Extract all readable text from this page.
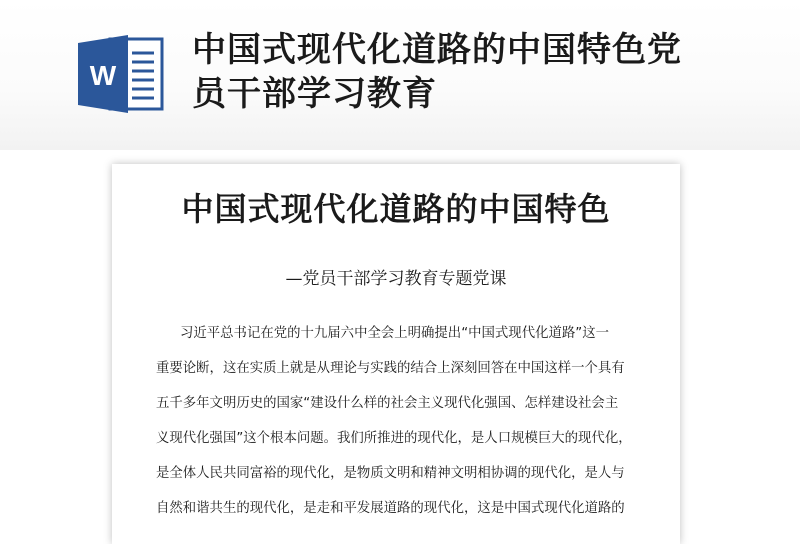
W
中国式现代化道路的中国特色党
员干部学习教育
中国式现代化道路的中国特色
—党员干部学习教育专题党课
习近平总书记在党的十九届六中全会上明确提出“中国式现代化道路”这一
重要论断，这在实质上就是从理论与实践的结合上深刻回答在中国这样一个具有
五千多年文明历史的国家“建设什么样的社会主义现代化强国、怎样建设社会主
义现代化强国”这个根本问题。我们所推进的现代化，是人口规模巨大的现代化，
是全体人民共同富裕的现代化，是物质文明和精神文明相协调的现代化，是人与
自然和谐共生的现代化，是走和平发展道路的现代化，这是中国式现代化道路的
